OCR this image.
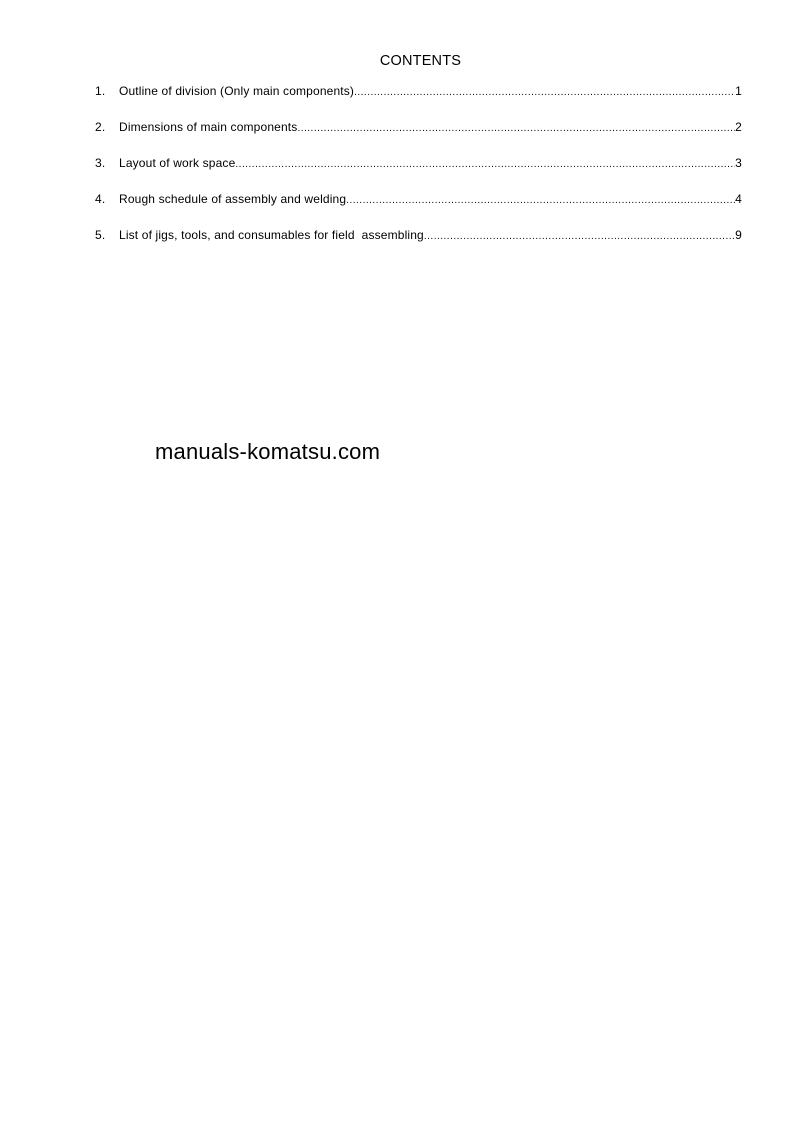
CONTENTS
1.	Outline of division (Only main components) .....	1
2.	Dimensions of main components .....	2
3.	Layout of work space .....	3
4.	Rough schedule of assembly and welding .....	4
5.	List of jigs, tools, and consumables for field  assembling .....	9
manuals-komatsu.com
